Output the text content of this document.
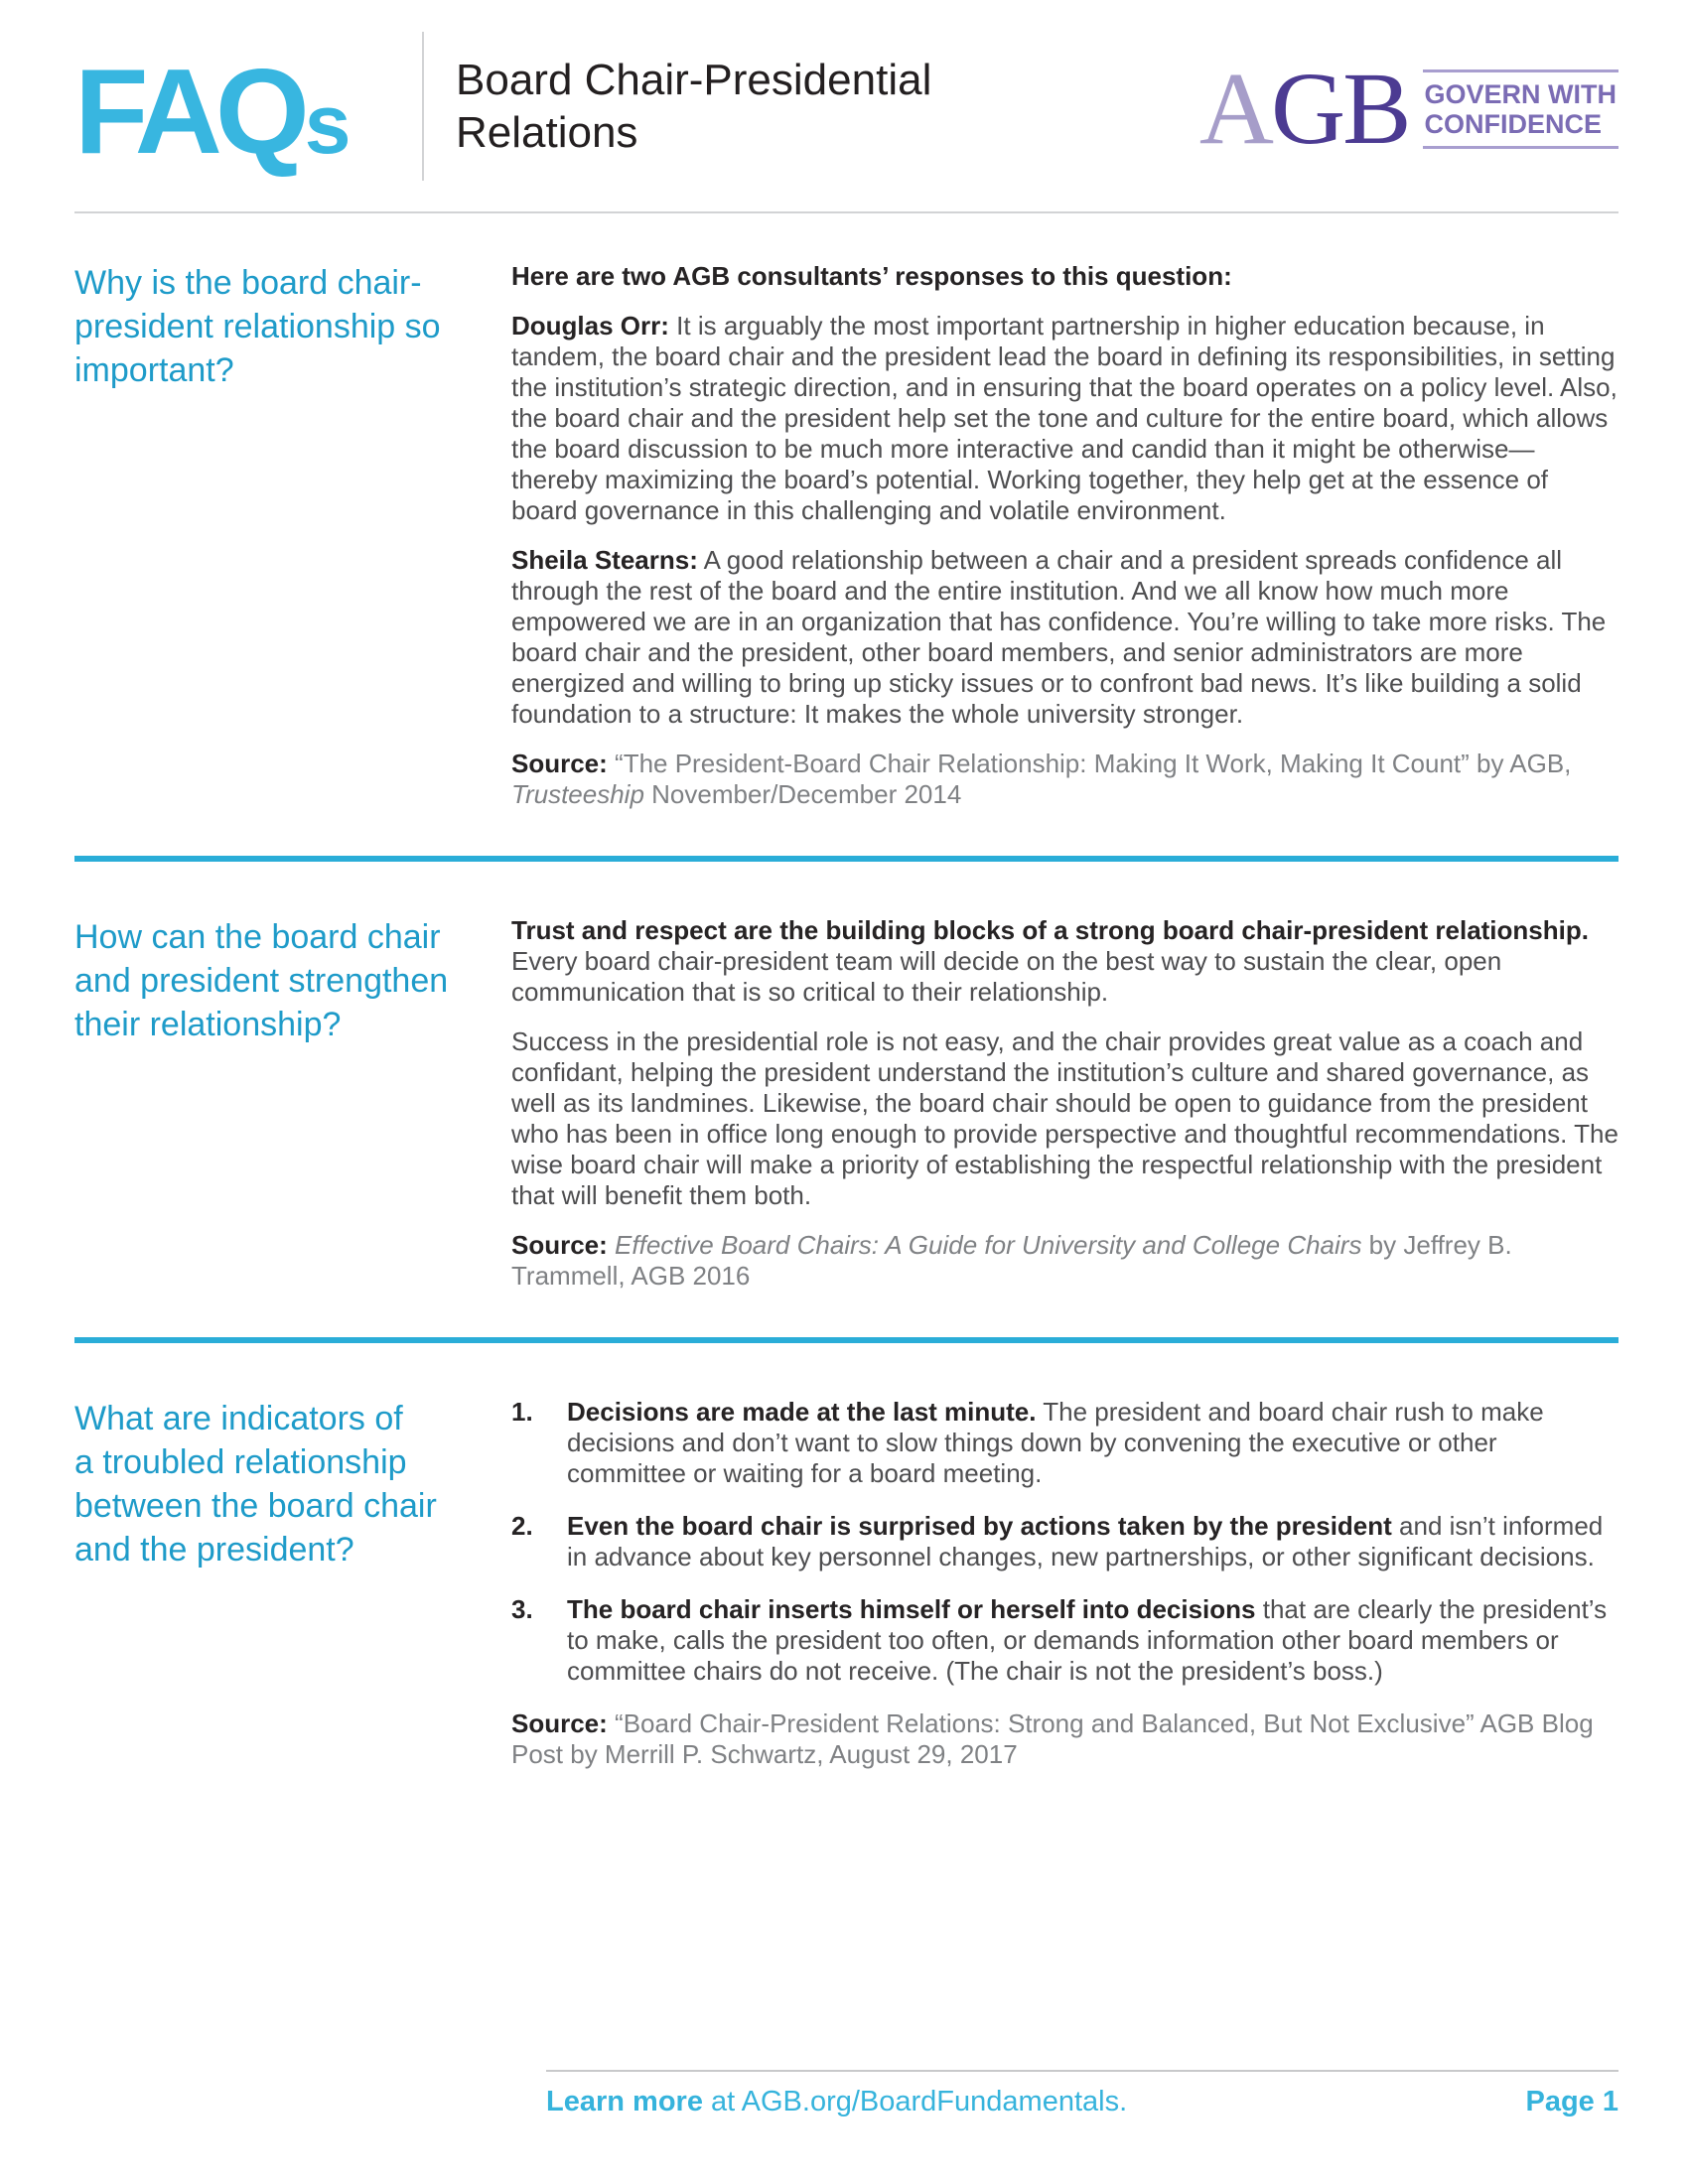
FAQ s Board Chair-Presidential
Relations	AGB GOVERN WITH
CONFIDENCE
Why is the board chair-
president relationship so
important?

Here are two AGB consultants’ responses to this question:

Douglas Orr: It is arguably the most important partnership in higher education because, in tandem, the board chair and the president lead the board in defining its responsibilities, in setting the institution’s strategic direction, and in ensuring that the board operates on a policy level. Also, the board chair and the president help set the tone and culture for the entire board, which allows the board discussion to be much more interactive and candid than it might be otherwise—thereby maximizing the board’s potential. Working together, they help get at the essence of board governance in this challenging and volatile environment.

Sheila Stearns: A good relationship between a chair and a president spreads confidence all through the rest of the board and the entire institution. And we all know how much more empowered we are in an organization that has confidence. You’re willing to take more risks. The board chair and the president, other board members, and senior administrators are more energized and willing to bring up sticky issues or to confront bad news. It’s like building a solid foundation to a structure: It makes the whole university stronger.

Source: “The President-Board Chair Relationship: Making It Work, Making It Count” by AGB, Trusteeship November/December 2014

How can the board chair
and president strengthen
their relationship?

Trust and respect are the building blocks of a strong board chair-president relationship. Every board chair-president team will decide on the best way to sustain the clear, open communication that is so critical to their relationship.

Success in the presidential role is not easy, and the chair provides great value as a coach and confidant, helping the president understand the institution’s culture and shared governance, as well as its landmines. Likewise, the board chair should be open to guidance from the president who has been in office long enough to provide perspective and thoughtful recommendations. The wise board chair will make a priority of establishing the respectful relationship with the president that will benefit them both.

Source: Effective Board Chairs: A Guide for University and College Chairs by Jeffrey B. Trammell, AGB 2016

What are indicators of
a troubled relationship
between the board chair
and the president?
1.	Decisions are made at the last minute. The president and board chair rush to make decisions and don’t want to slow things down by convening the executive or other committee or waiting for a board meeting.
2.	Even the board chair is surprised by actions taken by the president and isn’t informed in advance about key personnel changes, new partnerships, or other significant decisions.
3.	The board chair inserts himself or herself into decisions that are clearly the president’s to make, calls the president too often, or demands information other board members or committee chairs do not receive. (The chair is not the president’s boss.)

Source: “Board Chair-President Relations: Strong and Balanced, But Not Exclusive” AGB Blog Post by Merrill P. Schwartz, August 29, 2017

Learn more at AGB.org/BoardFundamentals.	Page 1
